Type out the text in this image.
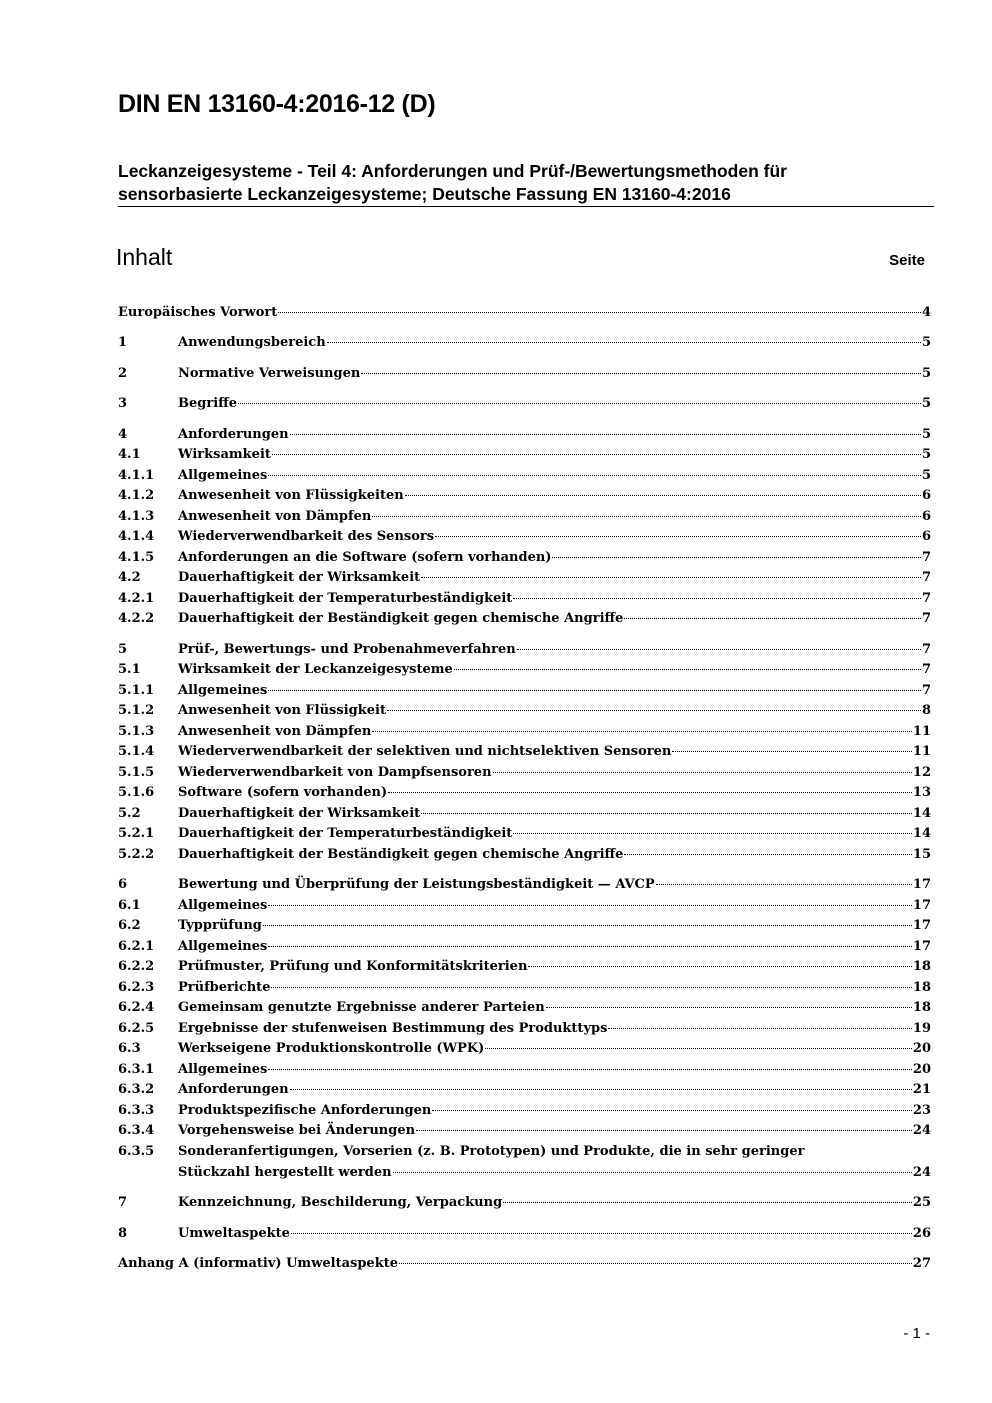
DIN EN 13160-4:2016-12 (D)
Leckanzeigesysteme - Teil 4: Anforderungen und Prüf-/Bewertungsmethoden für
sensorbasierte Leckanzeigesysteme; Deutsche Fassung EN 13160-4:2016
Inhalt	Seite
Europäisches Vorwort	4
1	Anwendungsbereich	5
2	Normative Verweisungen	5
3	Begriffe	5
4	Anforderungen	5
4.1	Wirksamkeit	5
4.1.1 Allgemeines	5
4.1.2 Anwesenheit von Flüssigkeiten	6
4.1.3 Anwesenheit von Dämpfen	6
4.1.4 Wiederverwendbarkeit des Sensors	6
4.1.5 Anforderungen an die Software (sofern vorhanden)	7
4.2	Dauerhaftigkeit der Wirksamkeit	7
4.2.1 Dauerhaftigkeit der Temperaturbeständigkeit	7
4.2.2 Dauerhaftigkeit der Beständigkeit gegen chemische Angriffe	7
5	Prüf-, Bewertungs- und Probenahmeverfahren	7
5.1	Wirksamkeit der Leckanzeigesysteme	7
5.1.1 Allgemeines	7
5.1.2 Anwesenheit von Flüssigkeit	8
5.1.3 Anwesenheit von Dämpfen	11
5.1.4 Wiederverwendbarkeit der selektiven und nichtselektiven Sensoren	11
5.1.5 Wiederverwendbarkeit von Dampfsensoren	12
5.1.6 Software (sofern vorhanden)	13
5.2	Dauerhaftigkeit der Wirksamkeit	14
5.2.1 Dauerhaftigkeit der Temperaturbeständigkeit	14
5.2.2 Dauerhaftigkeit der Beständigkeit gegen chemische Angriffe	15
6	Bewertung und Überprüfung der Leistungsbeständigkeit — AVCP	17
6.1	Allgemeines	17
6.2	Typprüfung	17
6.2.1 Allgemeines	17
6.2.2 Prüfmuster, Prüfung und Konformitätskriterien	18
6.2.3 Prüfberichte	18
6.2.4 Gemeinsam genutzte Ergebnisse anderer Parteien	18
6.2.5 Ergebnisse der stufenweisen Bestimmung des Produkttyps	19
6.3	Werkseigene Produktionskontrolle (WPK)	20
6.3.1 Allgemeines	20
6.3.2 Anforderungen	21
6.3.3 Produktspezifische Anforderungen	23
6.3.4 Vorgehensweise bei Änderungen	24
6.3.5 Sonderanfertigungen, Vorserien (z. B. Prototypen) und Produkte, die in sehr geringer
Stückzahl hergestellt werden	24
7	Kennzeichnung, Beschilderung, Verpackung	25
8	Umweltaspekte	26
Anhang A (informativ) Umweltaspekte	27
- 1 -
